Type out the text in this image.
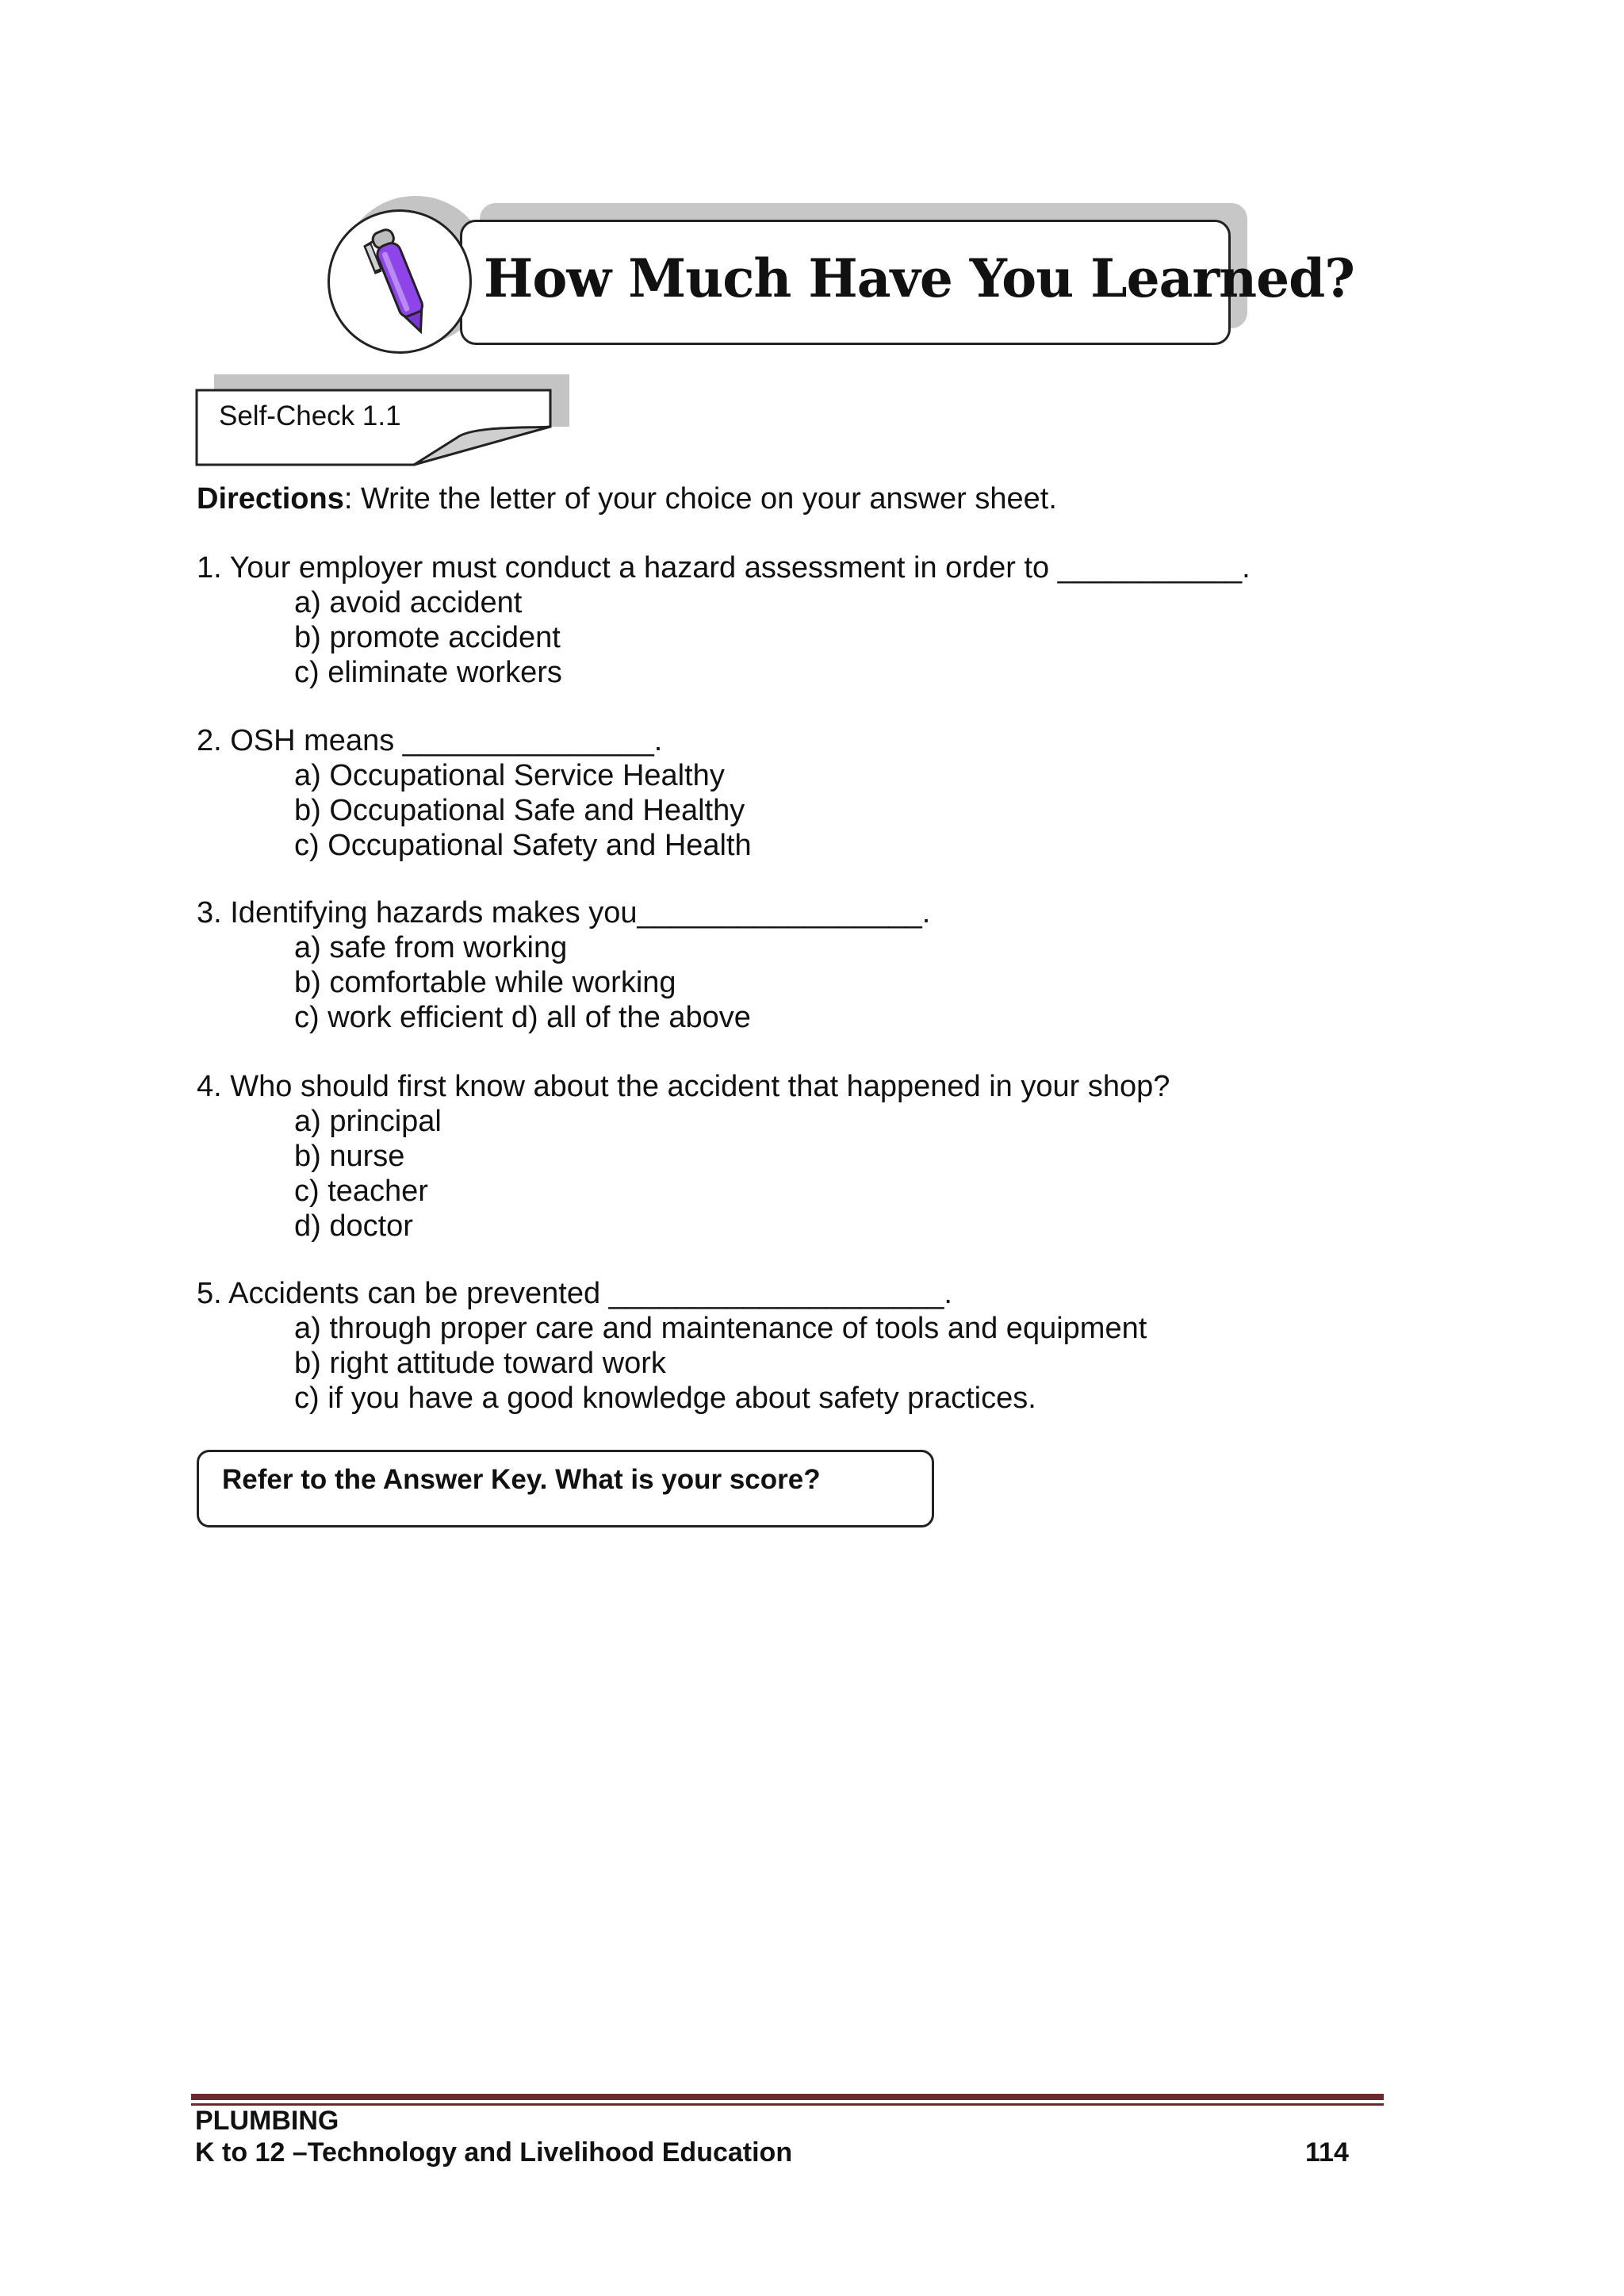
How Much Have You Learned?
Self-Check 1.1
Directions: Write the letter of your choice on your answer sheet.
1. Your employer must conduct a hazard assessment in order to ___________.
a) avoid accident
b) promote accident
c) eliminate workers
2. OSH means _______________.
a) Occupational Service Healthy
b) Occupational Safe and Healthy
c) Occupational Safety and Health
3. Identifying hazards makes you_________________.
a) safe from working
b) comfortable while working
c) work efficient d) all of the above
4. Who should first know about the accident that happened in your shop?
a) principal
b) nurse
c) teacher
d) doctor
5. Accidents can be prevented ____________________.
a) through proper care and maintenance of tools and equipment
b) right attitude toward work
c) if you have a good knowledge about safety practices.
Refer to the Answer Key. What is your score?
PLUMBING
K to 12 –Technology and Livelihood Education	114
